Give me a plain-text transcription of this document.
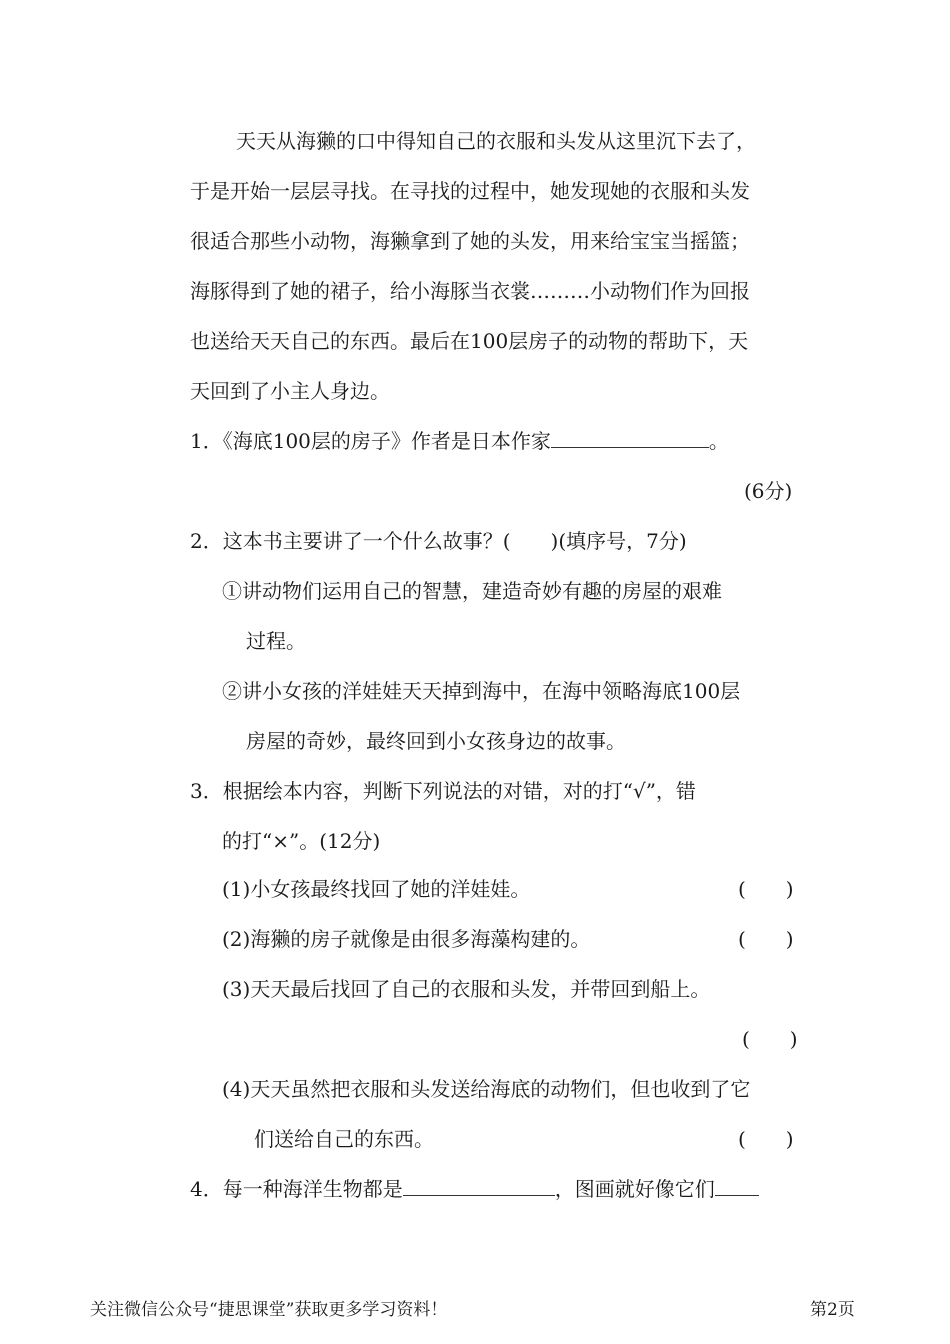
天天从海獭的口中得知自己的衣服和头发从这里沉下去了，
于是开始一层层寻找。在寻找的过程中，她发现她的衣服和头发
很适合那些小动物，海獭拿到了她的头发，用来给宝宝当摇篮；
海豚得到了她的裙子，给小海豚当衣裳………小动物们作为回报
也送给天天自己的东西。最后在100层房子的动物的帮助下，天
天回到了小主人身边。
1．《海底100层的房子》作者是日本作家	。
(6分)
2．这本书主要讲了一个什么故事？(　　)(填序号，7分)
①讲动物们运用自己的智慧，建造奇妙有趣的房屋的艰难
过程。
②讲小女孩的洋娃娃天天掉到海中，在海中领略海底100层
房屋的奇妙，最终回到小女孩身边的故事。
3．根据绘本内容，判断下列说法的对错，对的打“√”，错
的打“×”。(12分)
(1)小女孩最终找回了她的洋娃娃。	(　　)
(2)海獭的房子就像是由很多海藻构建的。	(　　)
(3)天天最后找回了自己的衣服和头发，并带回到船上。
(　　)
(4)天天虽然把衣服和头发送给海底的动物们，但也收到了它
们送给自己的东西。	(　　)
4．每一种海洋生物都是	，图画就好像它们
关注微信公众号“捷思课堂”获取更多学习资料！	第2页
